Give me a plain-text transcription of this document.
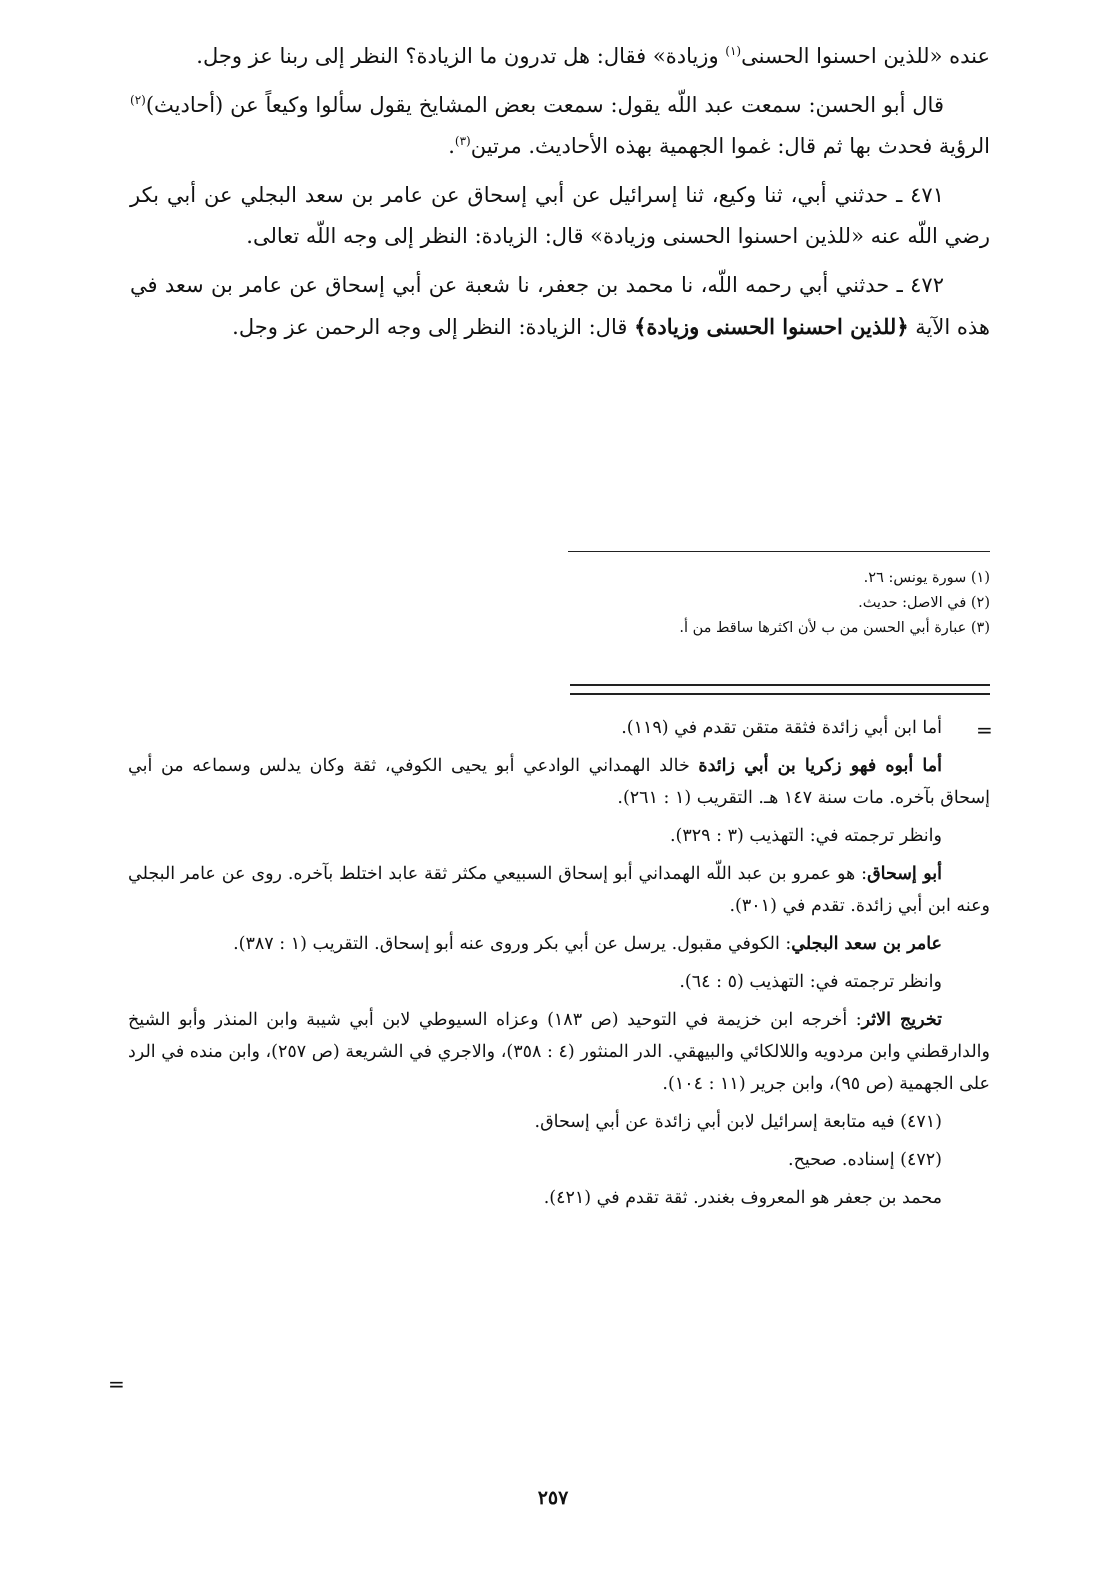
عنده «للذين احسنوا الحسنى$^{(١)}$ وزيادة» فقال: هل تدرون ما الزيادة؟ النظر إلى ربنا عز وجل.

قال أبو الحسن: سمعت عبد اللّه يقول: سمعت بعض المشايخ يقول سألوا وكيعاً عن (أحاديث)$^{(٢)}$ الرؤية فحدث بها ثم قال: غموا الجهمية بهذه الأحاديث. مرتين$^{(٣)}$.

٤٧١ ـ حدثني أبي، ثنا وكيع، ثنا إسرائيل عن أبي إسحاق عن عامر بن سعد البجلي عن أبي بكر رضي اللّه عنه «للذين احسنوا الحسنى وزيادة» قال: الزيادة: النظر إلى وجه اللّه تعالى.

٤٧٢ ـ حدثني أبي رحمه اللّه، نا محمد بن جعفر، نا شعبة عن أبي إسحاق عن عامر بن سعد في هذه الآية ﴿للذين احسنوا الحسنى وزيادة﴾ قال: الزيادة: النظر إلى وجه الرحمن عز وجل.

(١) سورة يونس: ٢٦.
(٢) في الاصل: حديث.
(٣) عبارة أبي الحسن من ب لأن اكثرها ساقط من أ.
=

أما ابن أبي زائدة فثقة متقن تقدم في (١١٩).

أما أبوه فهو زكريا بن أبي زائدة خالد الهمداني الوادعي أبو يحيى الكوفي، ثقة وكان يدلس وسماعه من أبي إسحاق بآخره. مات سنة ١٤٧ هـ. التقريب (١ : ٢٦١).

وانظر ترجمته في: التهذيب (٣ : ٣٢٩).

أبو إسحاق: هو عمرو بن عبد اللّه الهمداني أبو إسحاق السبيعي مكثر ثقة عابد اختلط بآخره. روى عن عامر البجلي وعنه ابن أبي زائدة. تقدم في (٣٠١).

عامر بن سعد البجلي: الكوفي مقبول. يرسل عن أبي بكر وروى عنه أبو إسحاق. التقريب (١ : ٣٨٧).

وانظر ترجمته في: التهذيب (٥ : ٦٤).

تخريج الاثر: أخرجه ابن خزيمة في التوحيد (ص ١٨٣) وعزاه السيوطي لابن أبي شيبة وابن المنذر وأبو الشيخ والدارقطني وابن مردويه واللالكائي والبيهقي. الدر المنثور (٤ : ٣٥٨)، والاجري في الشريعة (ص ٢٥٧)، وابن منده في الرد على الجهمية (ص ٩٥)، وابن جرير (١١ : ١٠٤).

(٤٧١) فيه متابعة إسرائيل لابن أبي زائدة عن أبي إسحاق.

(٤٧٢) إسناده. صحيح.

محمد بن جعفر هو المعروف بغندر. ثقة تقدم في (٤٢١).

=
٢٥٧
